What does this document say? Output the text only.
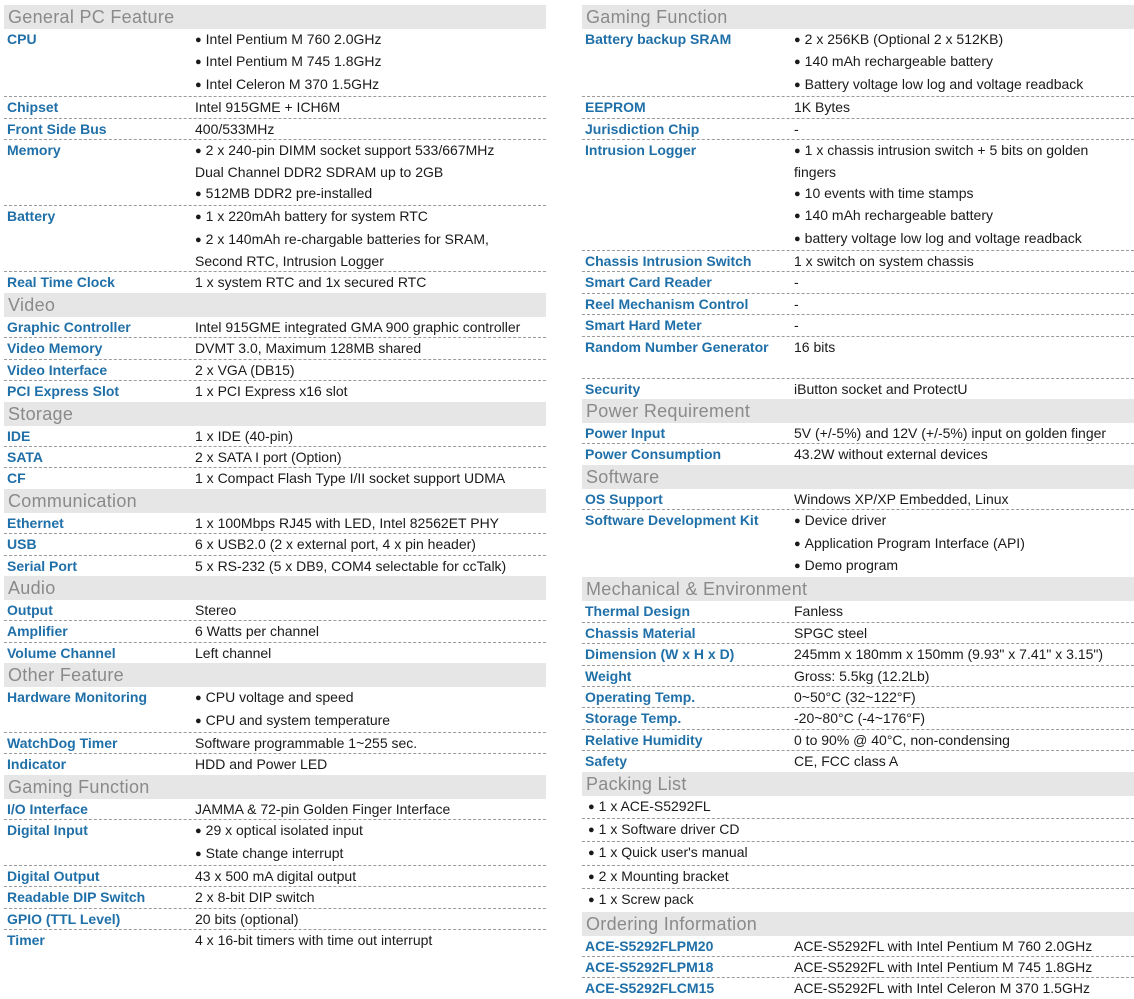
General PC Feature
CPU	● Intel Pentium M 760 2.0GHz
● Intel Pentium M 745 1.8GHz
● Intel Celeron M 370 1.5GHz
Chipset	Intel 915GME + ICH6M
Front Side Bus	400/533MHz
Memory	● 2 x 240-pin DIMM socket support 533/667MHz
Dual Channel DDR2 SDRAM up to 2GB
● 512MB DDR2 pre-installed
Battery	● 1 x 220mAh battery for system RTC
● 2 x 140mAh re-chargable batteries for SRAM,
Second RTC, Intrusion Logger
Real Time Clock	1 x system RTC and 1x secured RTC
Video
Graphic Controller	Intel 915GME integrated GMA 900 graphic controller
Video Memory	DVMT 3.0, Maximum 128MB shared
Video Interface	2 x VGA (DB15)
PCI Express Slot	1 x PCI Express x16 slot
Storage
IDE	1 x IDE (40-pin)
SATA	2 x SATA I port (Option)
CF	1 x Compact Flash Type I/II socket support UDMA
Communication
Ethernet	1 x 100Mbps RJ45 with LED, Intel 82562ET PHY
USB	6 x USB2.0 (2 x external port, 4 x pin header)
Serial Port	5 x RS-232 (5 x DB9, COM4 selectable for ccTalk)
Audio
Output	Stereo
Amplifier	6 Watts per channel
Volume Channel	Left channel
Other Feature
Hardware Monitoring	● CPU voltage and speed
● CPU and system temperature
WatchDog Timer	Software programmable 1~255 sec.
Indicator	HDD and Power LED
Gaming Function
I/O Interface	JAMMA & 72-pin Golden Finger Interface
Digital Input	● 29 x optical isolated input
● State change interrupt
Digital Output	43 x 500 mA digital output
Readable DIP Switch	2 x 8-bit DIP switch
GPIO (TTL Level)	20 bits (optional)
Timer	4 x 16-bit timers with time out interrupt
Gaming Function
Battery backup SRAM	● 2 x 256KB (Optional 2 x 512KB)
● 140 mAh rechargeable battery
● Battery voltage low log and voltage readback
EEPROM	1K Bytes
Jurisdiction Chip	-
Intrusion Logger	● 1 x chassis intrusion switch + 5 bits on golden
fingers
● 10 events with time stamps
● 140 mAh rechargeable battery
● battery voltage low log and voltage readback
Chassis Intrusion Switch	1 x switch on system chassis
Smart Card Reader	-
Reel Mechanism Control	-
Smart Hard Meter	-
Random Number Generator	16 bits

Security	iButton socket and ProtectU
Power Requirement
Power Input	5V (+/-5%) and 12V (+/-5%) input on golden finger
Power Consumption	43.2W without external devices
Software
OS Support	Windows XP/XP Embedded, Linux
Software Development Kit	● Device driver
● Application Program Interface (API)
● Demo program
Mechanical & Environment
Thermal Design	Fanless
Chassis Material	SPGC steel
Dimension (W x H x D)	245mm x 180mm x 150mm (9.93" x 7.41" x 3.15")
Weight	Gross: 5.5kg (12.2Lb)
Operating Temp.	0~50°C (32~122°F)
Storage Temp.	-20~80°C (-4~176°F)
Relative Humidity	0 to 90% @ 40°C, non-condensing
Safety	CE, FCC class A
Packing List
● 1 x ACE-S5292FL
● 1 x Software driver CD
● 1 x Quick user's manual
● 2 x Mounting bracket
● 1 x Screw pack
Ordering Information
ACE-S5292FLPM20	ACE-S5292FL with Intel Pentium M 760 2.0GHz
ACE-S5292FLPM18	ACE-S5292FL with Intel Pentium M 745 1.8GHz
ACE-S5292FLCM15	ACE-S5292FL with Intel Celeron M 370 1.5GHz
